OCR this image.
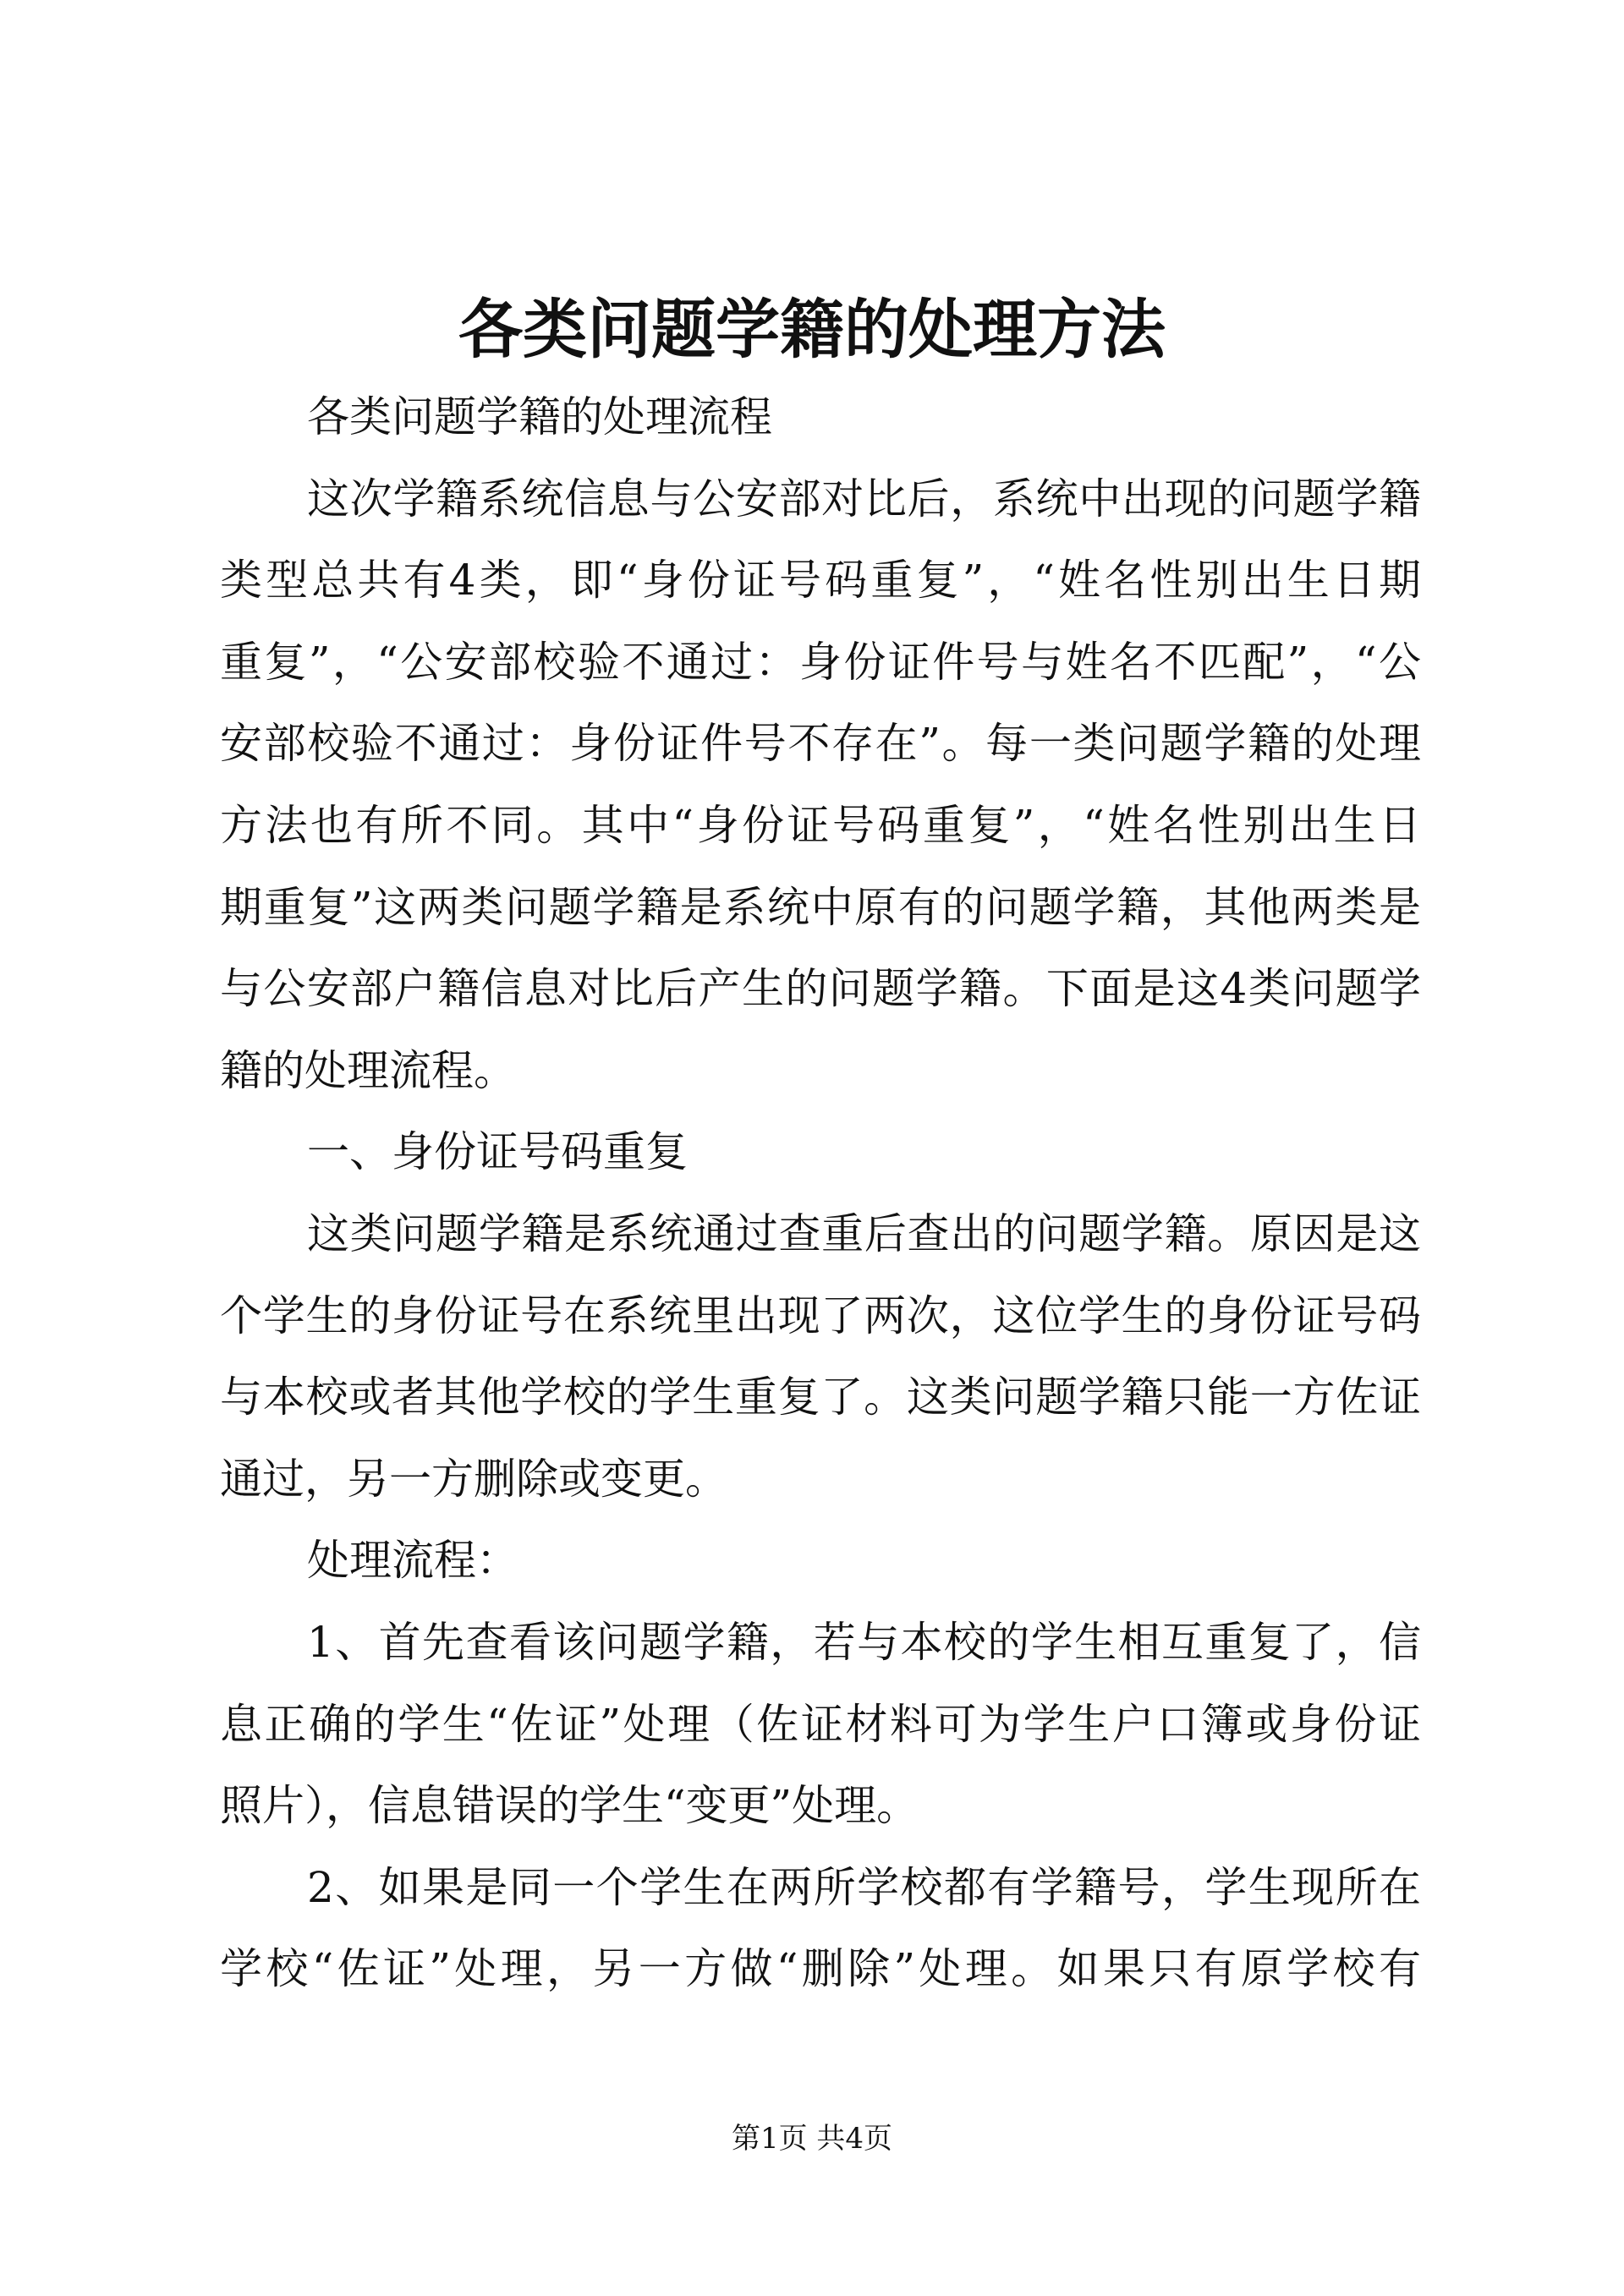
各类问题学籍的处理方法
各类问题学籍的处理流程
这次学籍系统信息与公安部对比后，系统中出现的问题学籍
类型总共有4类，即“身份证号码重复”，“姓名性别出生日期
重复”，“公安部校验不通过：身份证件号与姓名不匹配”，“公
安部校验不通过：身份证件号不存在”。每一类问题学籍的处理
方法也有所不同。其中“身份证号码重复”，“姓名性别出生日
期重复”这两类问题学籍是系统中原有的问题学籍，其他两类是
与公安部户籍信息对比后产生的问题学籍。下面是这4类问题学
籍的处理流程。
一、身份证号码重复
这类问题学籍是系统通过查重后查出的问题学籍。原因是这
个学生的身份证号在系统里出现了两次，这位学生的身份证号码
与本校或者其他学校的学生重复了。这类问题学籍只能一方佐证
通过，另一方删除或变更。
处理流程：
1、首先查看该问题学籍，若与本校的学生相互重复了，信
息正确的学生“佐证”处理（佐证材料可为学生户口簿或身份证
照片），信息错误的学生“变更”处理。
2、如果是同一个学生在两所学校都有学籍号，学生现所在
学校“佐证”处理，另一方做“删除”处理。如果只有原学校有
第1页 共4页
